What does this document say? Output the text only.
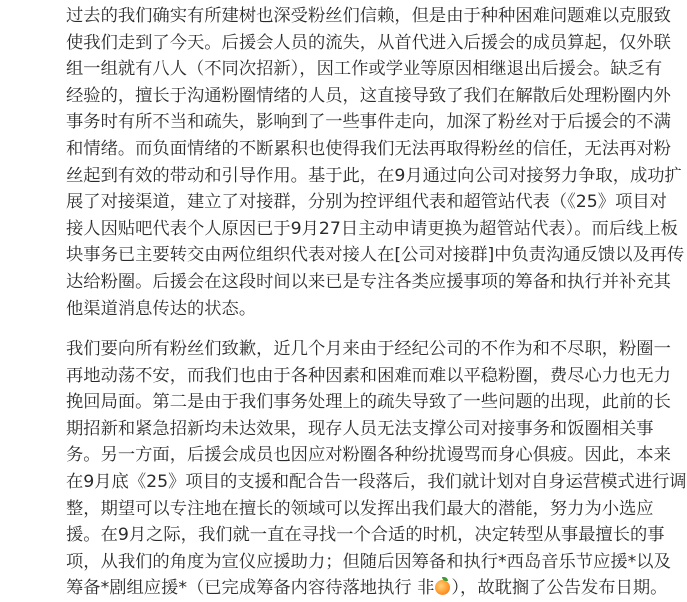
过去的我们确实有所建树也深受粉丝们信赖，但是由于种种困难问题难以克服致
使我们走到了今天。后援会人员的流失，从首代进入后援会的成员算起，仅外联
组一组就有八人（不同次招新），因工作或学业等原因相继退出后援会。缺乏有
经验的，擅长于沟通粉圈情绪的人员，这直接导致了我们在解散后处理粉圈内外
事务时有所不当和疏失，影响到了一些事件走向，加深了粉丝对于后援会的不满
和情绪。而负面情绪的不断累积也使得我们无法再取得粉丝的信任，无法再对粉
丝起到有效的带动和引导作用。基于此，在9月通过向公司对接努力争取，成功扩
展了对接渠道，建立了对接群，分别为控评组代表和超管站代表（《25》项目对
接人因贴吧代表个人原因已于9月27日主动申请更换为超管站代表）。而后线上板
块事务已主要转交由两位组织代表对接人在[公司对接群]中负责沟通反馈以及再传
达给粉圈。后援会在这段时间以来已是专注各类应援事项的筹备和执行并补充其
他渠道消息传达的状态。
我们要向所有粉丝们致歉，近几个月来由于经纪公司的不作为和不尽职，粉圈一
再地动荡不安，而我们也由于各种因素和困难而难以平稳粉圈，费尽心力也无力
挽回局面。第二是由于我们事务处理上的疏失导致了一些问题的出现，此前的长
期招新和紧急招新均未达效果，现存人员无法支撑公司对接事务和饭圈相关事
务。另一方面，后援会成员也因应对粉圈各种纷扰谩骂而身心俱疲。因此，本来
在9月底《25》项目的支援和配合告一段落后，我们就计划对自身运营模式进行调
整，期望可以专注地在擅长的领域可以发挥出我们最大的潜能，努力为小选应
援。在9月之际，我们就一直在寻找一个合适的时机，决定转型从事最擅长的事
项，从我们的角度为宣仪应援助力；但随后因筹备和执行*西岛音乐节应援*以及
筹备*剧组应援*（已完成筹备内容待落地执行 非 ），故耽搁了公告发布日期。
